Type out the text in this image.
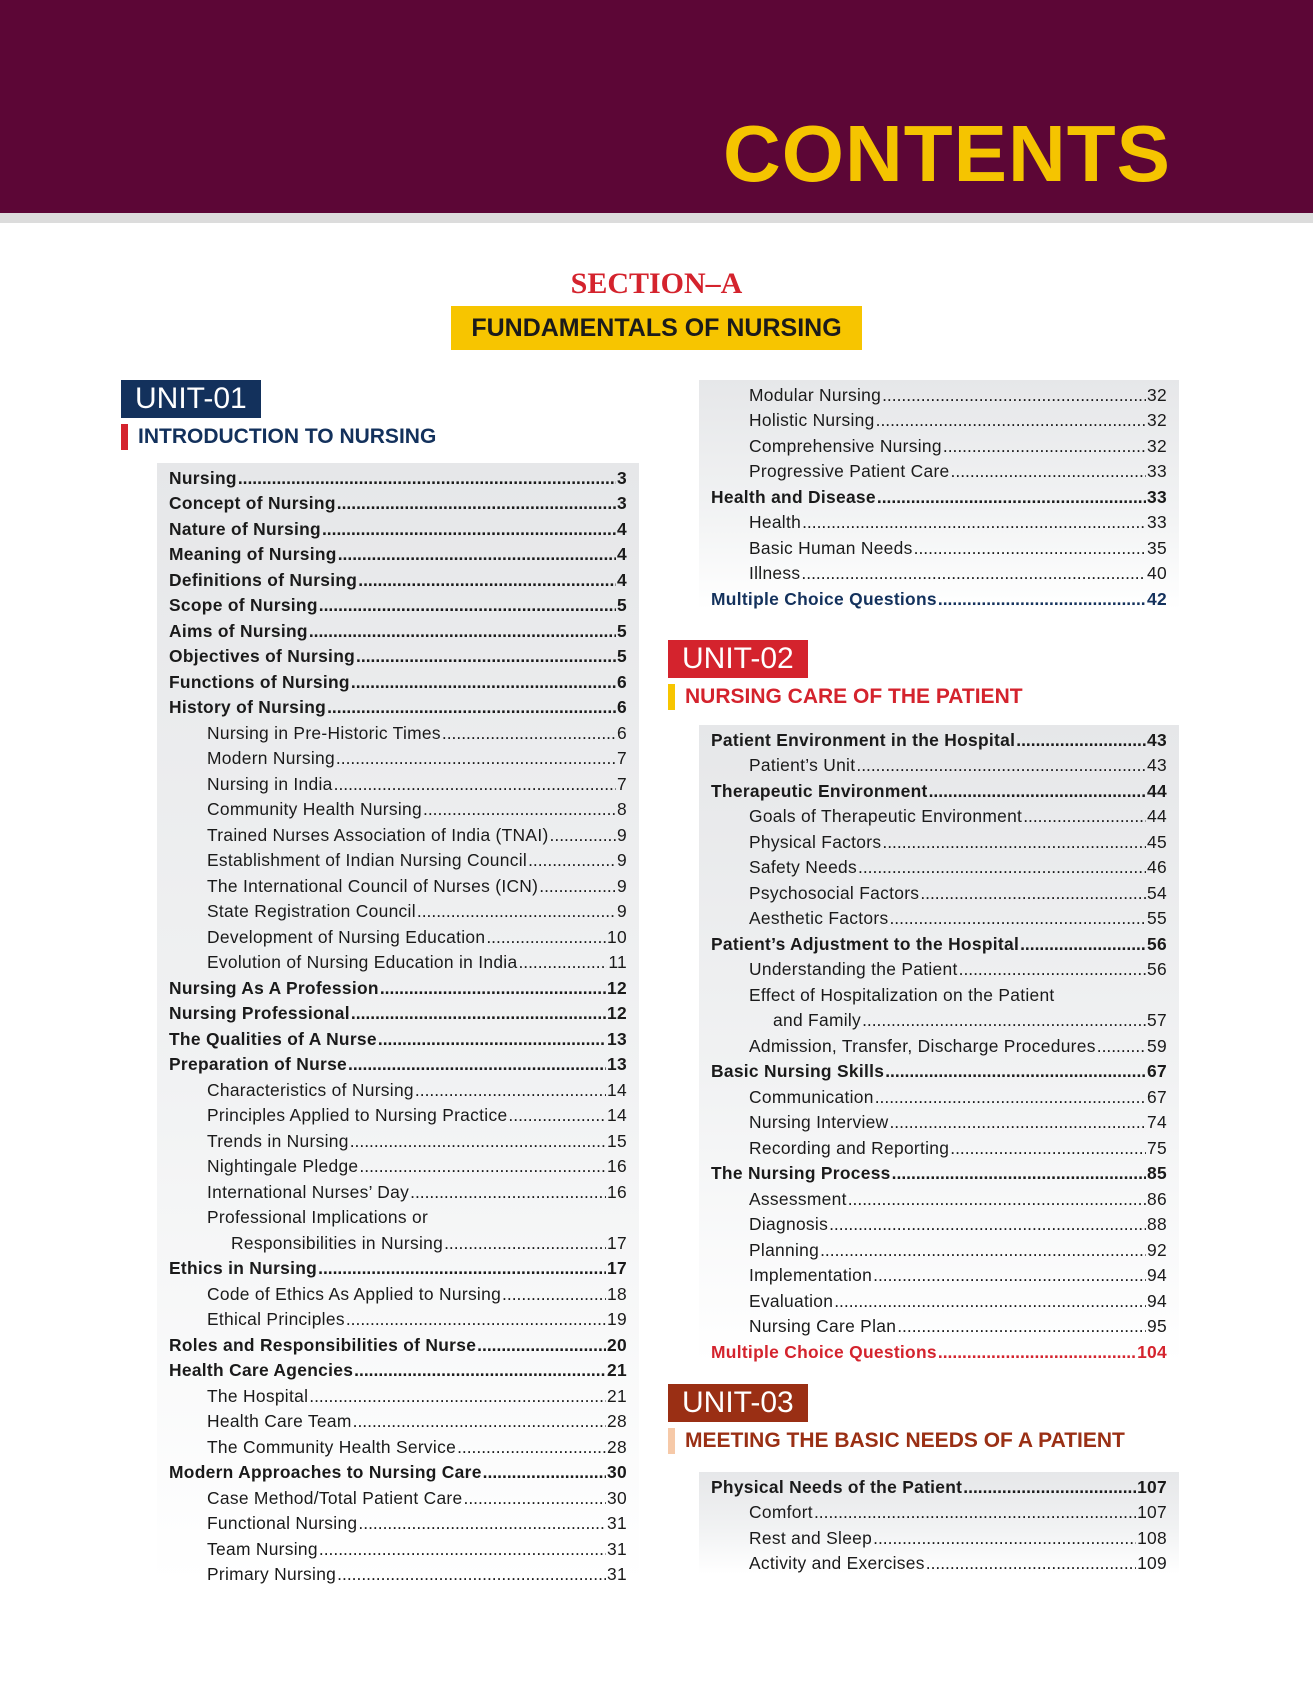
CONTENTS
SECTION–A
FUNDAMENTALS OF NURSING
UNIT-01
INTRODUCTION TO NURSING
Nursing .....	3
Concept of Nursing .....	3
Nature of Nursing .....	4
Meaning of Nursing .....	4
Definitions of Nursing .....	4
Scope of Nursing .....	5
Aims of Nursing .....	5
Objectives of Nursing .....	5
Functions of Nursing .....	6
History of Nursing .....	6
Nursing in Pre-Historic Times .....	6
Modern Nursing .....	7
Nursing in India .....	7
Community Health Nursing .....	8
Trained Nurses Association of India (TNAI) .....	9
Establishment of Indian Nursing Council .....	9
The International Council of Nurses (ICN) .....	9
State Registration Council .....	9
Development of Nursing Education .....	10
Evolution of Nursing Education in India .....	11
Nursing As A Profession .....	12
Nursing Professional .....	12
The Qualities of A Nurse .....	13
Preparation of Nurse .....	13
Characteristics of Nursing .....	14
Principles Applied to Nursing Practice .....	14
Trends in Nursing .....	15
Nightingale Pledge .....	16
International Nurses’ Day .....	16
Professional Implications or
Responsibilities in Nursing .....	17
Ethics in Nursing .....	17
Code of Ethics As Applied to Nursing .....	18
Ethical Principles .....	19
Roles and Responsibilities of Nurse .....	20
Health Care Agencies .....	21
The Hospital .....	21
Health Care Team .....	28
The Community Health Service .....	28
Modern Approaches to Nursing Care .....	30
Case Method/Total Patient Care .....	30
Functional Nursing .....	31
Team Nursing .....	31
Primary Nursing .....	31
Modular Nursing .....	32
Holistic Nursing .....	32
Comprehensive Nursing .....	32
Progressive Patient Care .....	33
Health and Disease .....	33
Health .....	33
Basic Human Needs .....	35
Illness .....	40
Multiple Choice Questions .....	42
UNIT-02
NURSING CARE OF THE PATIENT
Patient Environment in the Hospital .....	43
Patient’s Unit .....	43
Therapeutic Environment .....	44
Goals of Therapeutic Environment .....	44
Physical Factors .....	45
Safety Needs .....	46
Psychosocial Factors .....	54
Aesthetic Factors .....	55
Patient’s Adjustment to the Hospital .....	56
Understanding the Patient .....	56
Effect of Hospitalization on the Patient
and Family .....	57
Admission, Transfer, Discharge Procedures .....	59
Basic Nursing Skills .....	67
Communication .....	67
Nursing Interview .....	74
Recording and Reporting .....	75
The Nursing Process .....	85
Assessment .....	86
Diagnosis .....	88
Planning .....	92
Implementation .....	94
Evaluation .....	94
Nursing Care Plan .....	95
Multiple Choice Questions .....	104
UNIT-03
MEETING THE BASIC NEEDS OF A PATIENT
Physical Needs of the Patient .....	107
Comfort .....	107
Rest and Sleep .....	108
Activity and Exercises .....	109
